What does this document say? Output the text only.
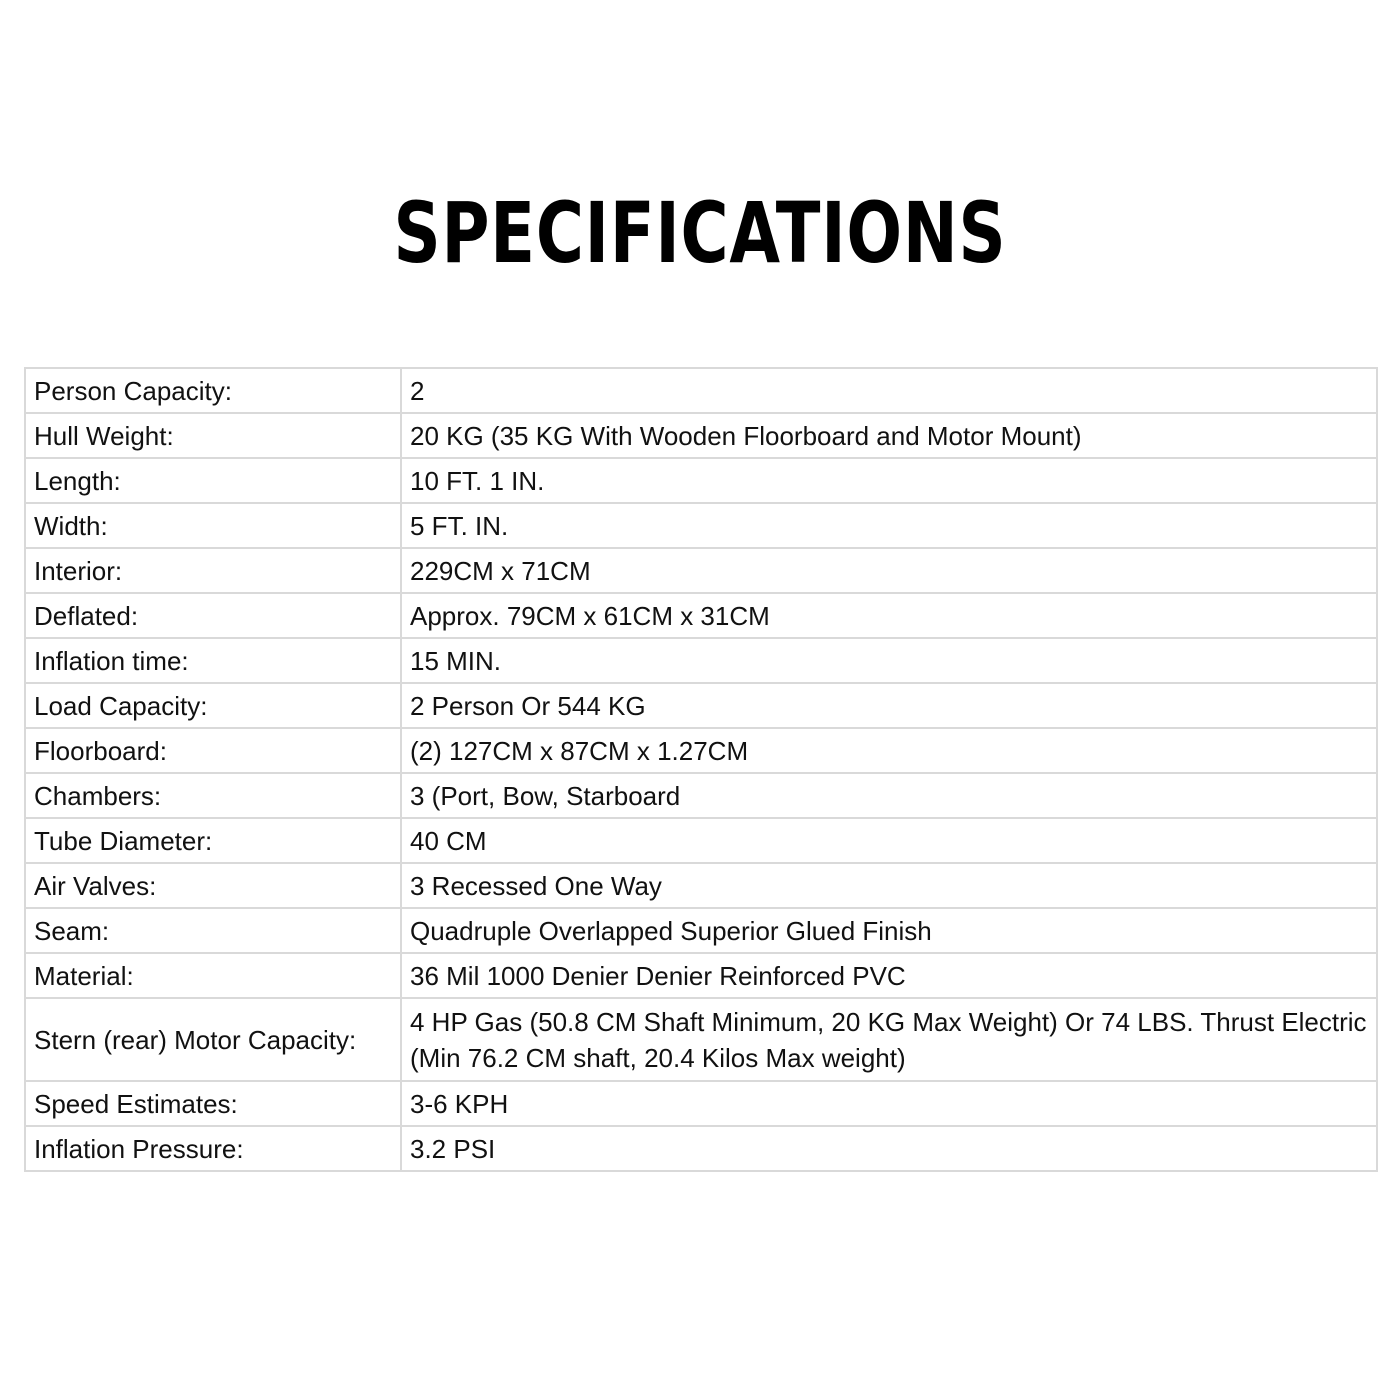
SPECIFICATIONS
Person Capacity:	2
Hull Weight:	20 KG (35 KG With Wooden Floorboard and Motor Mount)
Length:	10 FT. 1 IN.
Width:	5 FT. IN.
Interior:	229CM x 71CM
Deflated:	Approx. 79CM x 61CM x 31CM
Inflation time:	15 MIN.
Load Capacity:	2 Person Or 544 KG
Floorboard:	(2) 127CM x 87CM x 1.27CM
Chambers:	3 (Port, Bow, Starboard
Tube Diameter:	40 CM
Air Valves:	3 Recessed One Way
Seam:	Quadruple Overlapped Superior Glued Finish
Material:	36 Mil 1000 Denier Denier Reinforced PVC
Stern (rear) Motor Capacity:	4 HP Gas (50.8 CM Shaft Minimum, 20 KG Max Weight) Or 74 LBS. Thrust Electric (Min 76.2 CM shaft, 20.4 Kilos Max weight)
Speed Estimates:	3-6 KPH
Inflation Pressure:	3.2 PSI
